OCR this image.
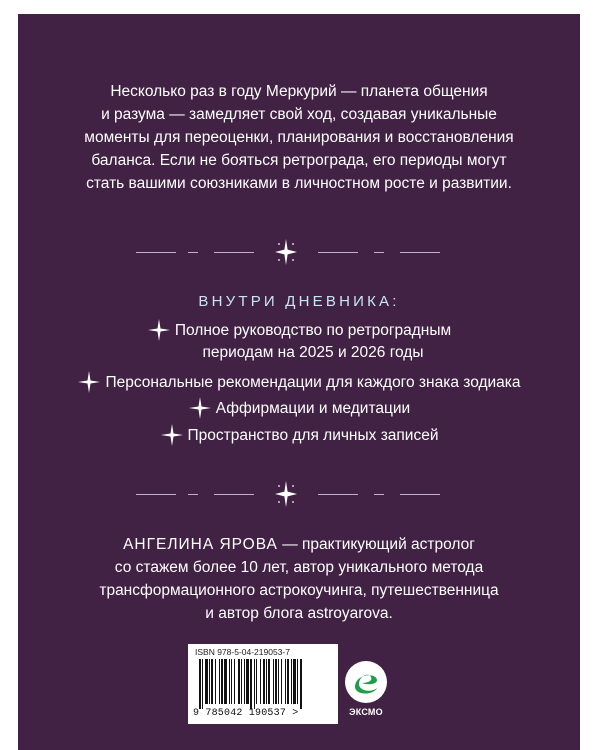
Несколько раз в году Меркурий — планета общения
и разума — замедляет свой ход, создавая уникальные
моменты для переоценки, планирования и восстановления
баланса. Если не бояться ретроградa, его периоды могут
стать вашими союзниками в личностном росте и развитии.
ВНУТРИ ДНЕВНИКА:
Полное руководство по ретроградным
периодам на 2025 и 2026 годы
Персональные рекомендации для каждого знака зодиака
Аффирмации и медитации
Пространство для личных записей
АНГЕЛИНА ЯРОВА — практикующий астролог
со стажем более 10 лет, автор уникального метода
трансформационного астрокоучинга, путешественница
и автор блога astroyarova.
ISBN 978-5-04-219053-7
9 785042 190537 >	ЭКСМО
